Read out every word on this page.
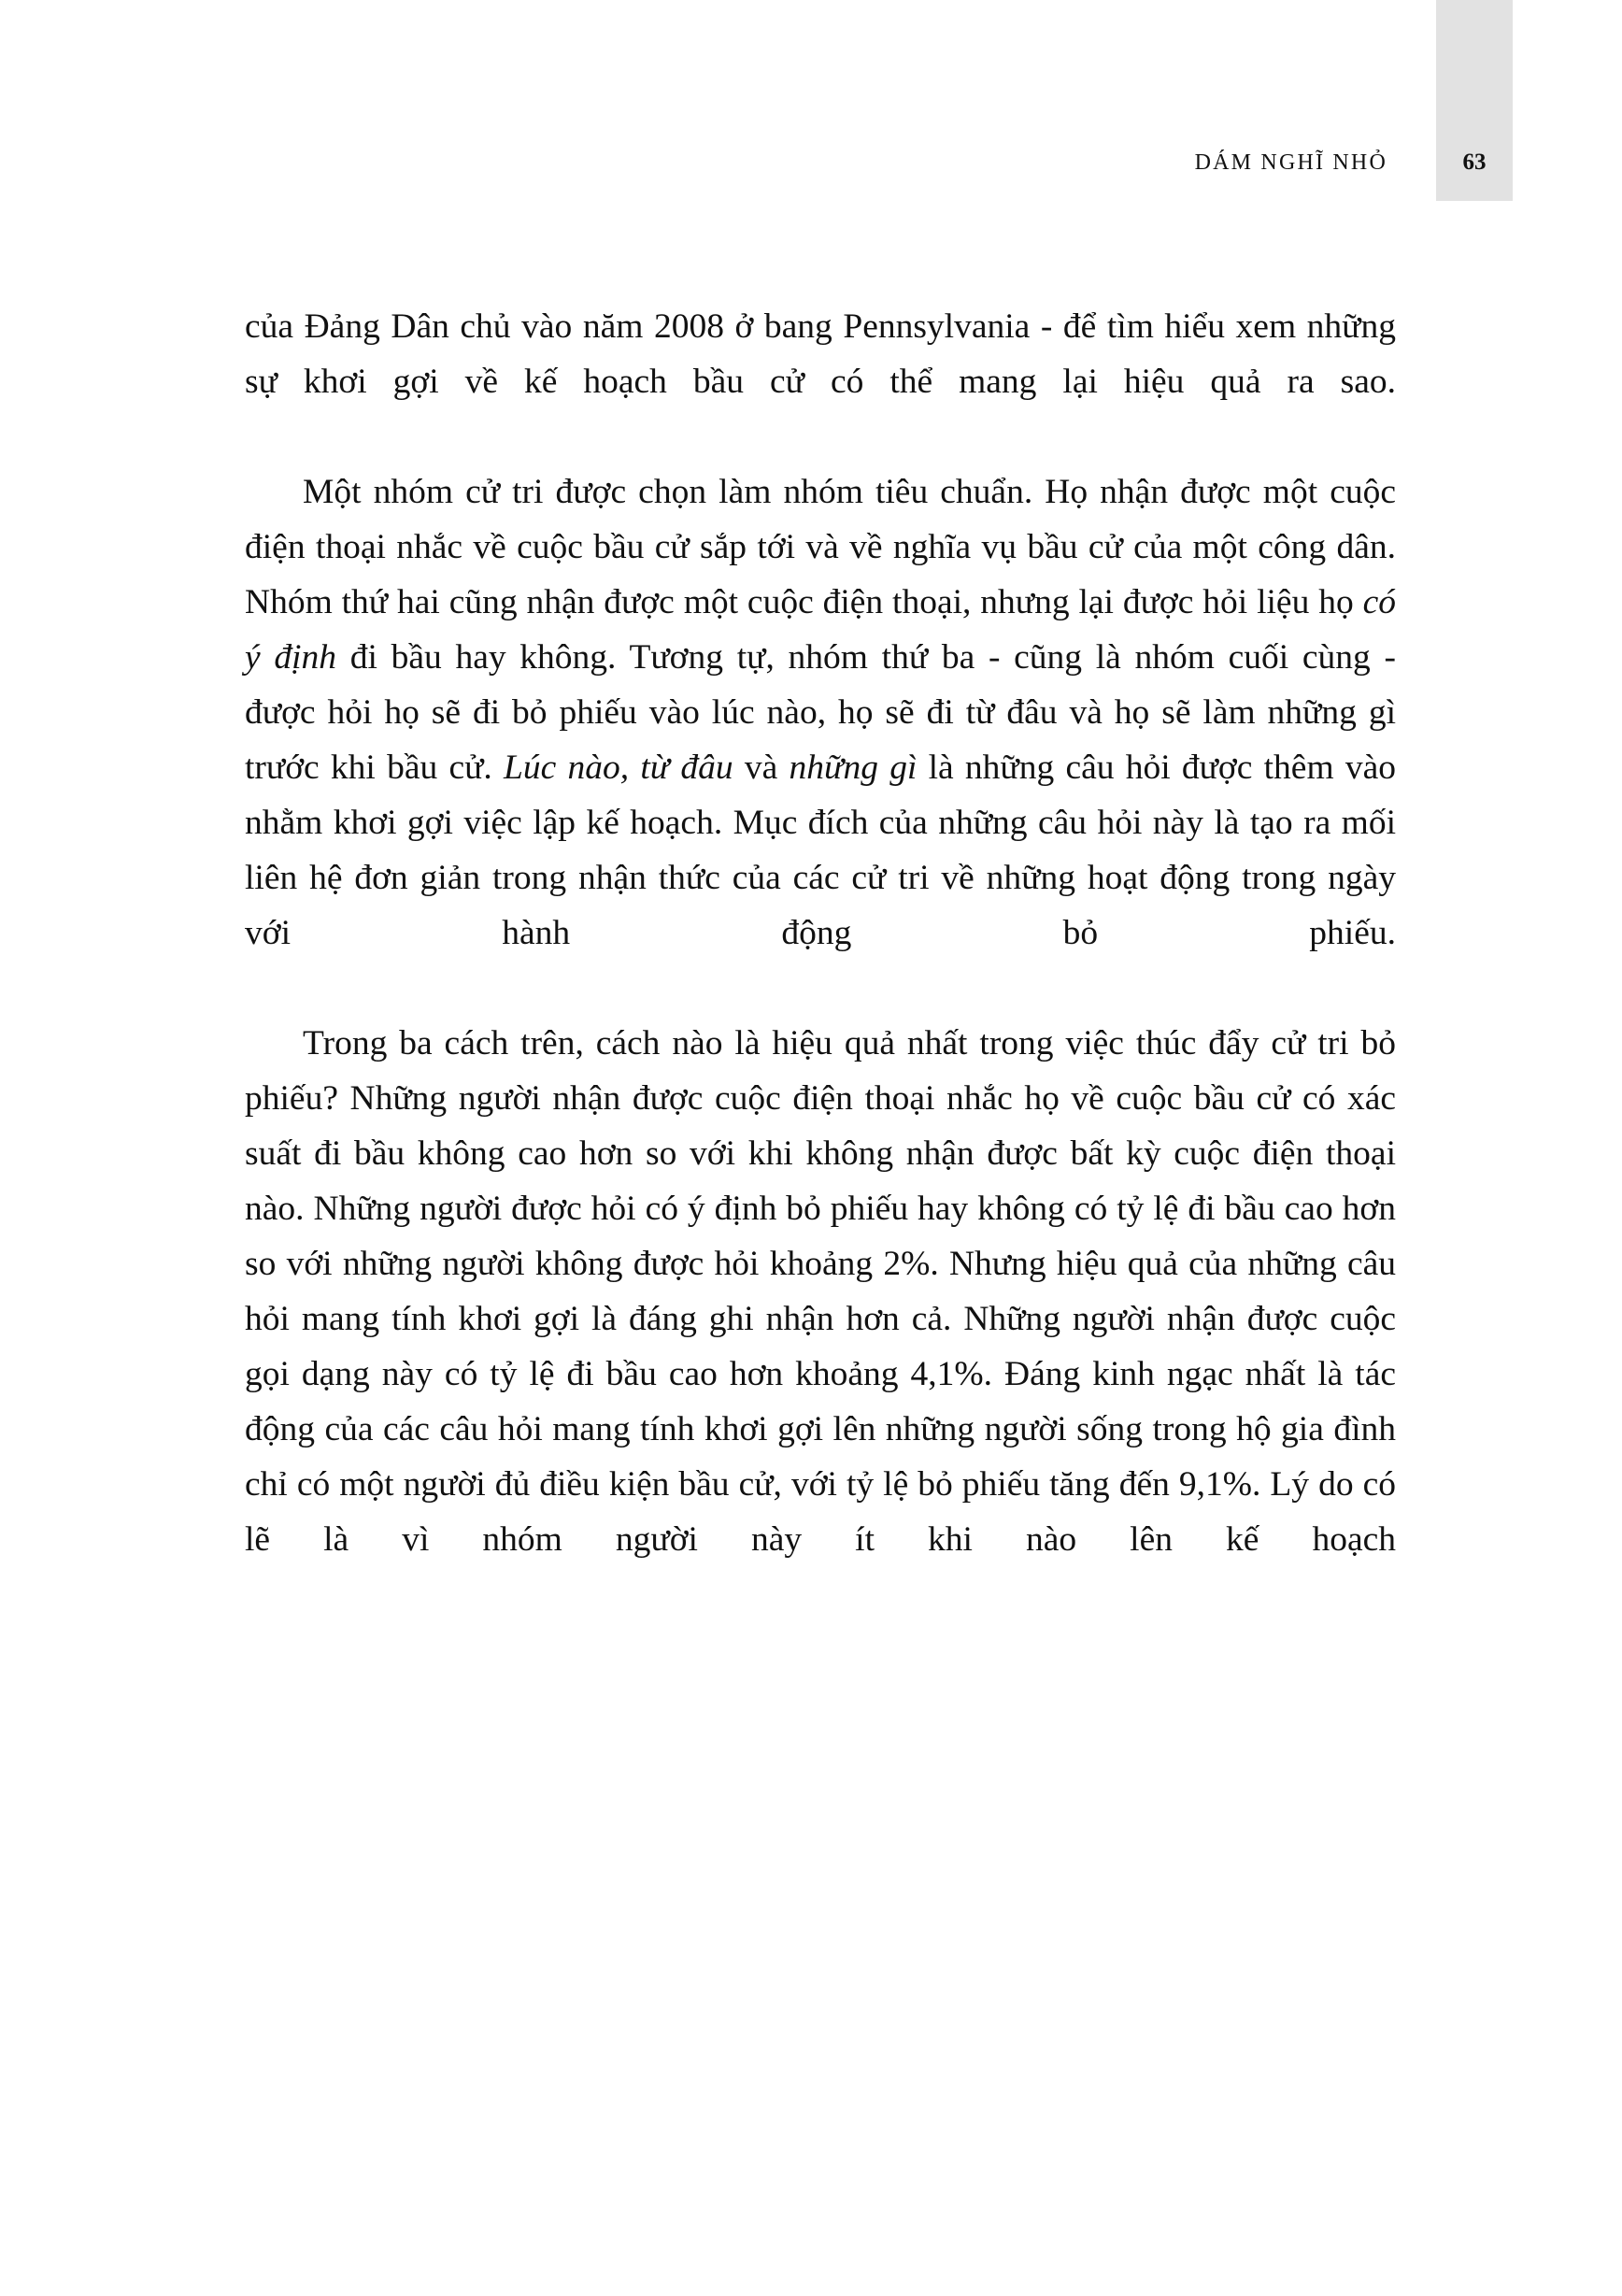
DÁM NGHĨ NHỎ	63

của Đảng Dân chủ vào năm 2008 ở bang Pennsylvania - để tìm hiểu xem những sự khơi gợi về kế hoạch bầu cử có thể mang lại hiệu quả ra sao.

Một nhóm cử tri được chọn làm nhóm tiêu chuẩn. Họ nhận được một cuộc điện thoại nhắc về cuộc bầu cử sắp tới và về nghĩa vụ bầu cử của một công dân. Nhóm thứ hai cũng nhận được một cuộc điện thoại, nhưng lại được hỏi liệu họ có ý định đi bầu hay không. Tương tự, nhóm thứ ba - cũng là nhóm cuối cùng - được hỏi họ sẽ đi bỏ phiếu vào lúc nào, họ sẽ đi từ đâu và họ sẽ làm những gì trước khi bầu cử. Lúc nào, từ đâu và những gì là những câu hỏi được thêm vào nhằm khơi gợi việc lập kế hoạch. Mục đích của những câu hỏi này là tạo ra mối liên hệ đơn giản trong nhận thức của các cử tri về những hoạt động trong ngày với hành động bỏ phiếu.

Trong ba cách trên, cách nào là hiệu quả nhất trong việc thúc đẩy cử tri bỏ phiếu? Những người nhận được cuộc điện thoại nhắc họ về cuộc bầu cử có xác suất đi bầu không cao hơn so với khi không nhận được bất kỳ cuộc điện thoại nào. Những người được hỏi có ý định bỏ phiếu hay không có tỷ lệ đi bầu cao hơn so với những người không được hỏi khoảng 2%. Nhưng hiệu quả của những câu hỏi mang tính khơi gợi là đáng ghi nhận hơn cả. Những người nhận được cuộc gọi dạng này có tỷ lệ đi bầu cao hơn khoảng 4,1%. Đáng kinh ngạc nhất là tác động của các câu hỏi mang tính khơi gợi lên những người sống trong hộ gia đình chỉ có một người đủ điều kiện bầu cử, với tỷ lệ bỏ phiếu tăng đến 9,1%. Lý do có lẽ là vì nhóm người này ít khi nào lên kế hoạch
